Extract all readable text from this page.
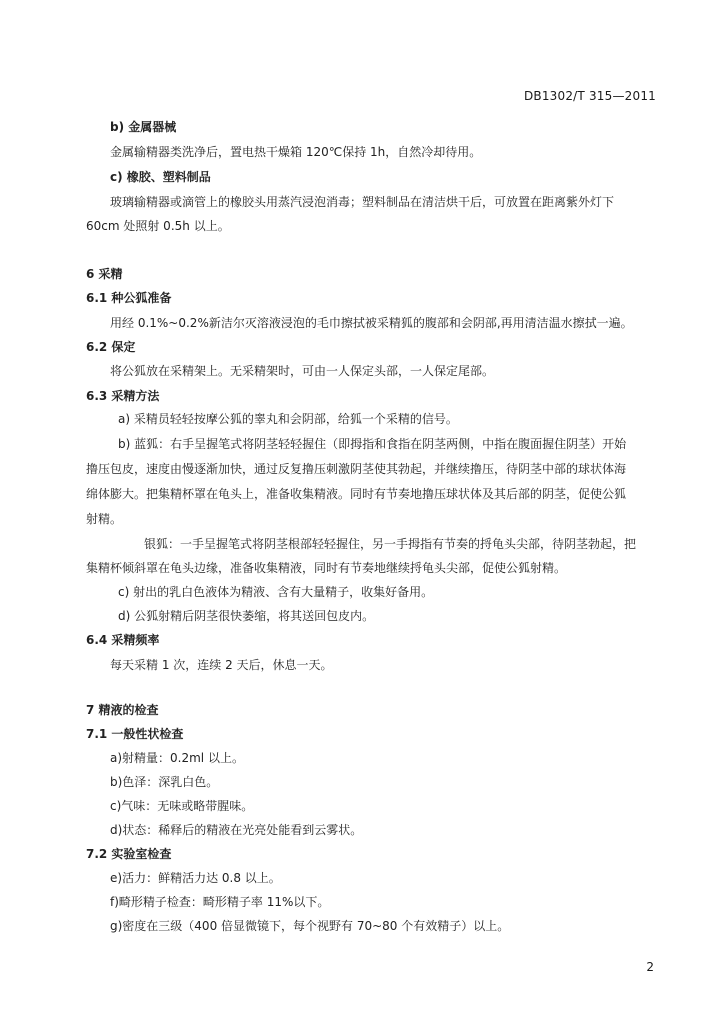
DB1302/T 315—2011
b) 金属器械
金属输精器类洗净后，置电热干燥箱 120℃保持 1h，自然冷却待用。
c) 橡胶、塑料制品
玻璃输精器或滴管上的橡胶头用蒸汽浸泡消毒；塑料制品在清洁烘干后，可放置在距离紫外灯下
60cm 处照射 0.5h 以上。
6 采精
6.1 种公狐准备
用经 0.1%~0.2%新洁尔灭溶液浸泡的毛巾擦拭被采精狐的腹部和会阴部,再用清洁温水擦拭一遍。
6.2 保定
将公狐放在采精架上。无采精架时，可由一人保定头部，一人保定尾部。
6.3 采精方法
a) 采精员轻轻按摩公狐的睾丸和会阴部，给狐一个采精的信号。
b) 蓝狐：右手呈握笔式将阴茎轻轻握住（即拇指和食指在阴茎两侧，中指在腹面握住阴茎）开始
撸压包皮，速度由慢逐渐加快，通过反复撸压刺激阴茎使其勃起，并继续撸压，待阴茎中部的球状体海
绵体膨大。把集精杯罩在龟头上，准备收集精液。同时有节奏地撸压球状体及其后部的阴茎，促使公狐
射精。
银狐：一手呈握笔式将阴茎根部轻轻握住，另一手拇指有节奏的捋龟头尖部，待阴茎勃起，把
集精杯倾斜罩在龟头边缘，准备收集精液，同时有节奏地继续捋龟头尖部，促使公狐射精。
c) 射出的乳白色液体为精液、含有大量精子，收集好备用。
d) 公狐射精后阴茎很快萎缩，将其送回包皮内。
6.4 采精频率
每天采精 1 次，连续 2 天后，休息一天。
7 精液的检查
7.1 一般性状检查
a)射精量：0.2ml 以上。
b)色泽：深乳白色。
c)气味：无味或略带腥味。
d)状态：稀释后的精液在光亮处能看到云雾状。
7.2 实验室检查
e)活力：鲜精活力达 0.8 以上。
f)畸形精子检查：畸形精子率 11%以下。
g)密度在三级（400 倍显微镜下，每个视野有 70~80 个有效精子）以上。
2
